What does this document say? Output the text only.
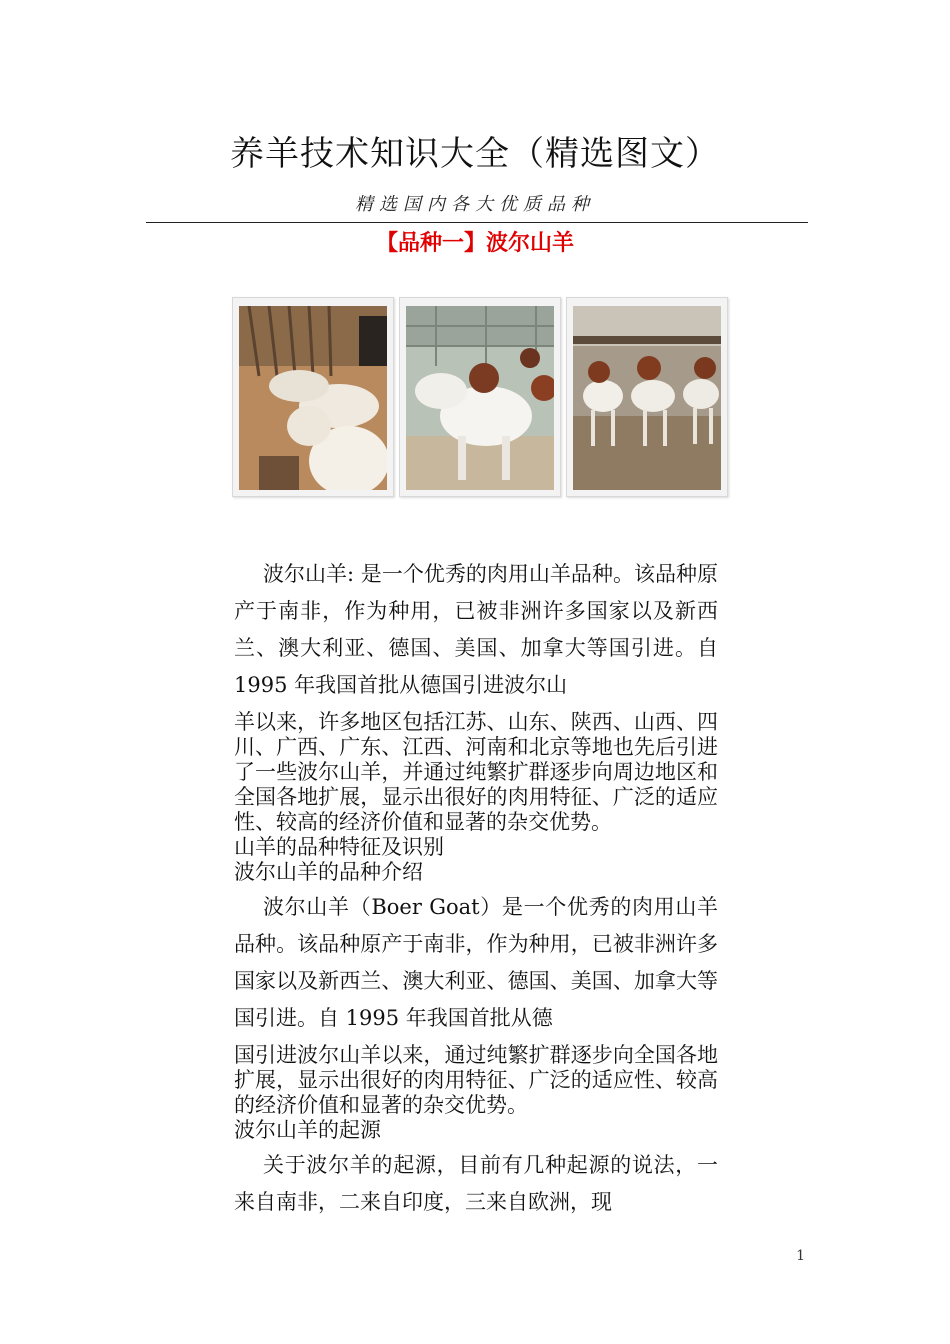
养羊技术知识大全（精选图文）
精选国内各大优质品种
【品种一】波尔山羊

波尔山羊: 是一个优秀的肉用山羊品种。该品种原产于南非，作为种用，已被非洲许多国家以及新西兰、澳大利亚、德国、美国、加拿大等国引进。自 1995 年我国首批从德国引进波尔山

羊以来，许多地区包括江苏、山东、陕西、山西、四川、广西、广东、江西、河南和北京等地也先后引进了一些波尔山羊，并通过纯繁扩群逐步向周边地区和全国各地扩展，显示出很好的肉用特征、广泛的适应性、较高的经济价值和显著的杂交优势。

山羊的品种特征及识别

波尔山羊的品种介绍

波尔山羊（Boer Goat）是一个优秀的肉用山羊品种。该品种原产于南非，作为种用，已被非洲许多国家以及新西兰、澳大利亚、德国、美国、加拿大等国引进。自 1995 年我国首批从德

国引进波尔山羊以来，通过纯繁扩群逐步向全国各地扩展，显示出很好的肉用特征、广泛的适应性、较高的经济价值和显著的杂交优势。

波尔山羊的起源

关于波尔羊的起源，目前有几种起源的说法，一来自南非，二来自印度，三来自欧洲，现

1
